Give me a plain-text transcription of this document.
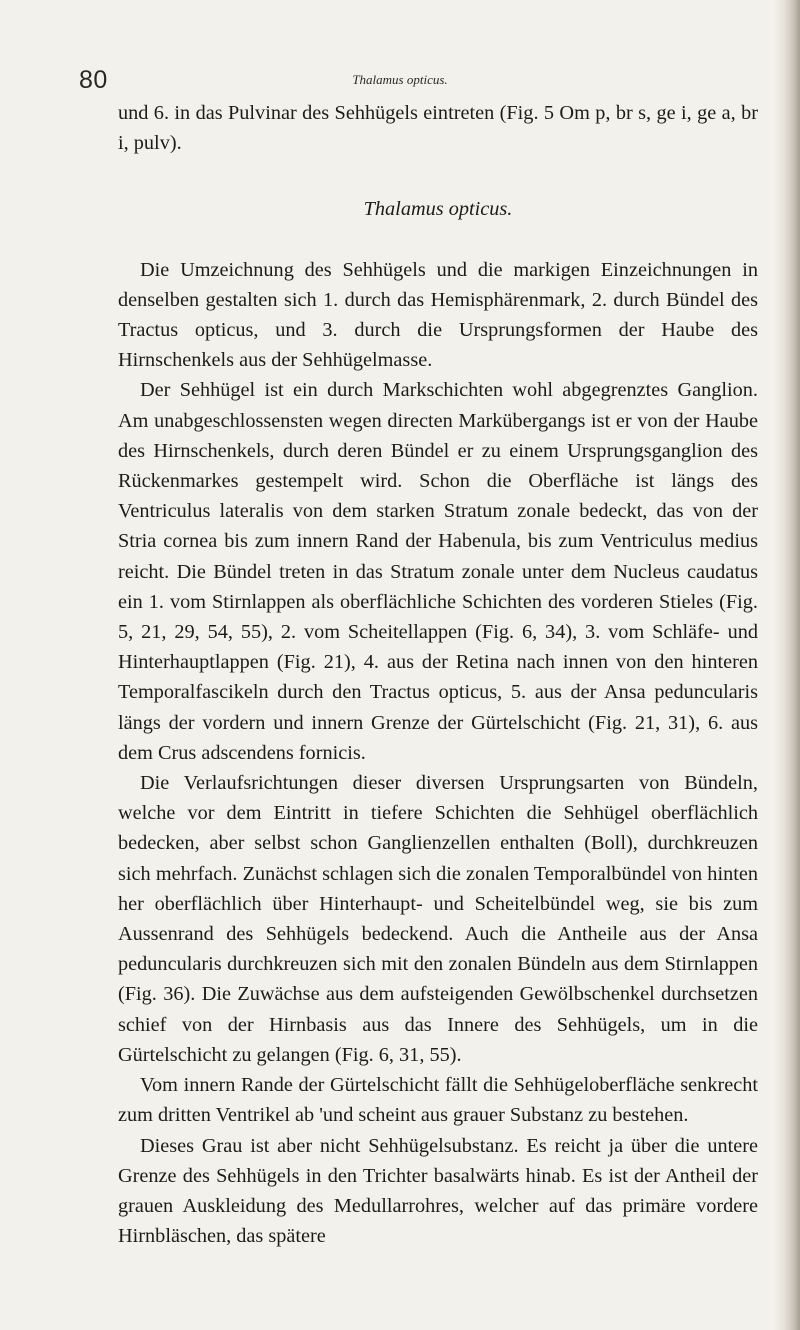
80	Thalamus opticus.

und 6. in das Pulvinar des Sehhügels eintreten (Fig. 5 Om p, br s, ge i, ge a, br i, pulv).

Thalamus opticus.

Die Umzeichnung des Sehhügels und die markigen Einzeichnungen in denselben gestalten sich 1. durch das Hemisphärenmark, 2. durch Bündel des Tractus opticus, und 3. durch die Ursprungsformen der Haube des Hirnschenkels aus der Sehhügelmasse.

Der Sehhügel ist ein durch Markschichten wohl abgegrenztes Ganglion. Am unabgeschlossensten wegen directen Markübergangs ist er von der Haube des Hirnschenkels, durch deren Bündel er zu einem Ursprungsganglion des Rückenmarkes gestempelt wird. Schon die Oberfläche ist längs des Ventriculus lateralis von dem starken Stratum zonale bedeckt, das von der Stria cornea bis zum innern Rand der Habenula, bis zum Ventriculus medius reicht. Die Bündel treten in das Stratum zonale unter dem Nucleus caudatus ein 1. vom Stirnlappen als oberflächliche Schichten des vorderen Stieles (Fig. 5, 21, 29, 54, 55), 2. vom Scheitellappen (Fig. 6, 34), 3. vom Schläfe- und Hinterhauptlappen (Fig. 21), 4. aus der Retina nach innen von den hinteren Temporalfascikeln durch den Tractus opticus, 5. aus der Ansa peduncularis längs der vordern und innern Grenze der Gürtelschicht (Fig. 21, 31), 6. aus dem Crus adscendens fornicis.

Die Verlaufsrichtungen dieser diversen Ursprungsarten von Bündeln, welche vor dem Eintritt in tiefere Schichten die Sehhügel oberflächlich bedecken, aber selbst schon Ganglienzellen enthalten (Boll), durchkreuzen sich mehrfach. Zunächst schlagen sich die zonalen Temporalbündel von hinten her oberflächlich über Hinterhaupt- und Scheitelbündel weg, sie bis zum Aussenrand des Sehhügels bedeckend. Auch die Antheile aus der Ansa peduncularis durchkreuzen sich mit den zonalen Bündeln aus dem Stirnlappen (Fig. 36). Die Zuwächse aus dem aufsteigenden Gewölbschenkel durchsetzen schief von der Hirnbasis aus das Innere des Sehhügels, um in die Gürtelschicht zu gelangen (Fig. 6, 31, 55).

Vom innern Rande der Gürtelschicht fällt die Sehhügeloberfläche senkrecht zum dritten Ventrikel ab 'und scheint aus grauer Substanz zu bestehen.

Dieses Grau ist aber nicht Sehhügelsubstanz. Es reicht ja über die untere Grenze des Sehhügels in den Trichter basalwärts hinab. Es ist der Antheil der grauen Auskleidung des Medullarrohres, welcher auf das primäre vordere Hirnbläschen, das spätere
